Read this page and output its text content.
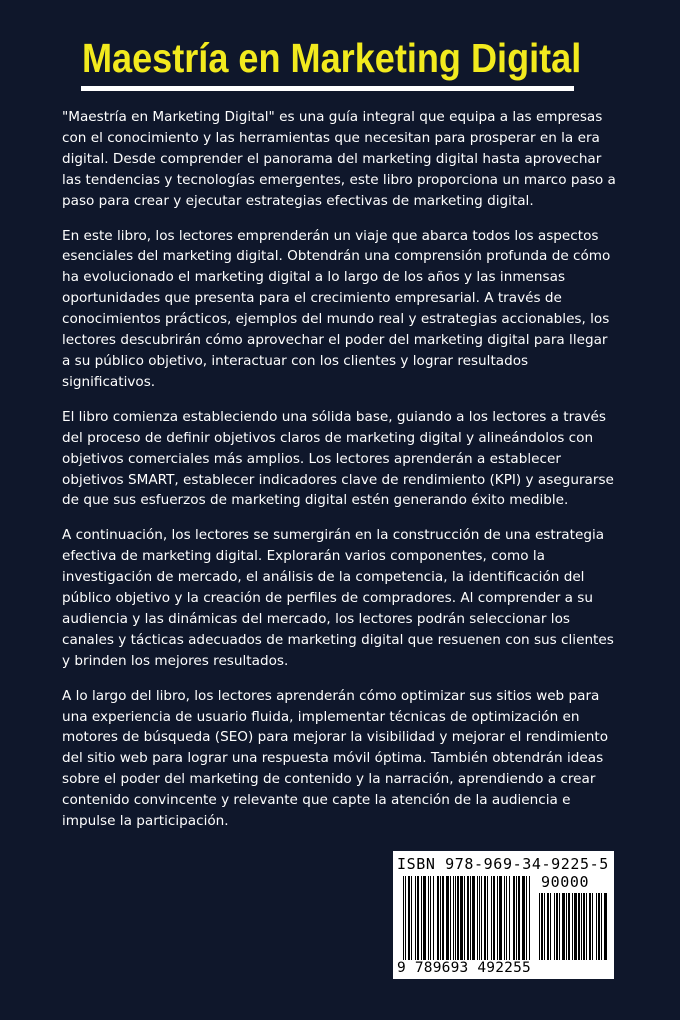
Maestría en Marketing Digital

"Maestría en Marketing Digital" es una guía integral que equipa a las empresas con el conocimiento y las herramientas que necesitan para prosperar en la era digital. Desde comprender el panorama del marketing digital hasta aprovechar las tendencias y tecnologías emergentes, este libro proporciona un marco paso a paso para crear y ejecutar estrategias efectivas de marketing digital.

En este libro, los lectores emprenderán un viaje que abarca todos los aspectos esenciales del marketing digital. Obtendrán una comprensión profunda de cómo ha evolucionado el marketing digital a lo largo de los años y las inmensas oportunidades que presenta para el crecimiento empresarial. A través de conocimientos prácticos, ejemplos del mundo real y estrategias accionables, los lectores descubrirán cómo aprovechar el poder del marketing digital para llegar a su público objetivo, interactuar con los clientes y lograr resultados significativos.

El libro comienza estableciendo una sólida base, guiando a los lectores a través del proceso de definir objetivos claros de marketing digital y alineándolos con objetivos comerciales más amplios. Los lectores aprenderán a establecer objetivos SMART, establecer indicadores clave de rendimiento (KPI) y asegurarse de que sus esfuerzos de marketing digital estén generando éxito medible.

A continuación, los lectores se sumergirán en la construcción de una estrategia efectiva de marketing digital. Explorarán varios componentes, como la investigación de mercado, el análisis de la competencia, la identificación del público objetivo y la creación de perfiles de compradores. Al comprender a su audiencia y las dinámicas del mercado, los lectores podrán seleccionar los canales y tácticas adecuados de marketing digital que resuenen con sus clientes y brinden los mejores resultados.

A lo largo del libro, los lectores aprenderán cómo optimizar sus sitios web para una experiencia de usuario fluida, implementar técnicas de optimización en motores de búsqueda (SEO) para mejorar la visibilidad y mejorar el rendimiento del sitio web para lograr una respuesta móvil óptima. También obtendrán ideas sobre el poder del marketing de contenido y la narración, aprendiendo a crear contenido convincente y relevante que capte la atención de la audiencia e impulse la participación.

ISBN 978-969-34-9225-5
90000
9 789693 492255
